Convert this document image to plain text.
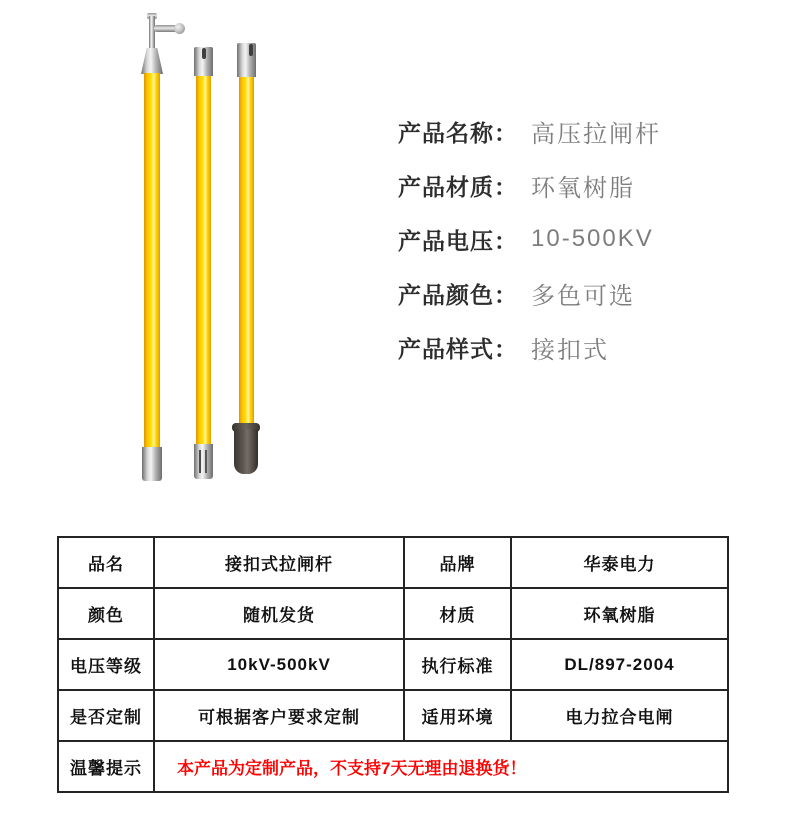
产品名称： 高压拉闸杆
产品材质： 环氧树脂
产品电压： 10-500KV
产品颜色： 多色可选
产品样式： 接扣式
品名	接扣式拉闸杆	品牌	华泰电力
颜色	随机发货	材质	环氧树脂
电压等级	10kV-500kV	执行标准	DL/897-2004
是否定制	可根据客户要求定制	适用环境	电力拉合电闸
温馨提示	本产品为定制产品，不支持7天无理由退换货！		
